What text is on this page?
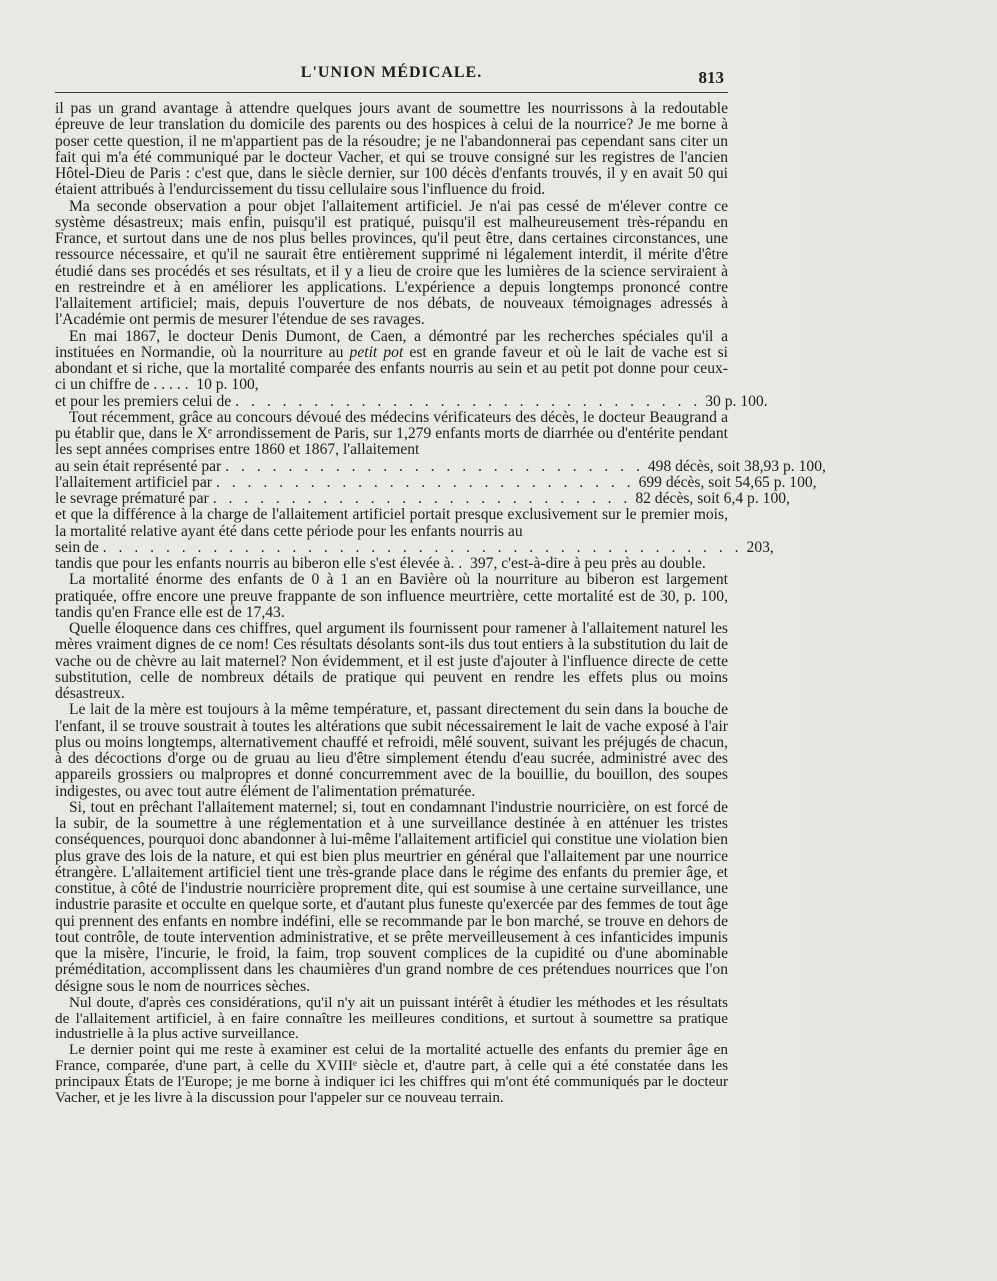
L'UNION MÉDICALE.	813

il pas un grand avantage à attendre quelques jours avant de soumettre les nourrissons à la redoutable épreuve de leur translation du domicile des parents ou des hospices à celui de la nourrice? Je me borne à poser cette question, il ne m'appartient pas de la résoudre; je ne l'abandonnerai pas cependant sans citer un fait qui m'a été communiqué par le docteur Vacher, et qui se trouve consigné sur les registres de l'ancien Hôtel-Dieu de Paris : c'est que, dans le siècle dernier, sur 100 décès d'enfants trouvés, il y en avait 50 qui étaient attribués à l'endurcissement du tissu cellulaire sous l'influence du froid.

Ma seconde observation a pour objet l'allaitement artificiel. Je n'ai pas cessé de m'élever contre ce système désastreux; mais enfin, puisqu'il est pratiqué, puisqu'il est malheureusement très-répandu en France, et surtout dans une de nos plus belles provinces, qu'il peut être, dans certaines circonstances, une ressource nécessaire, et qu'il ne saurait être entièrement supprimé ni légalement interdit, il mérite d'être étudié dans ses procédés et ses résultats, et il y a lieu de croire que les lumières de la science serviraient à en restreindre et à en améliorer les applications. L'expérience a depuis longtemps prononcé contre l'allaitement artificiel; mais, depuis l'ouverture de nos débats, de nouveaux témoignages adressés à l'Académie ont permis de mesurer l'étendue de ses ravages.

En mai 1867, le docteur Denis Dumont, de Caen, a démontré par les recherches spéciales qu'il a instituées en Normandie, où la nourriture au petit pot est en grande faveur et où le lait de vache est si abondant et si riche, que la mortalité comparée des enfants nourris au sein et au petit pot donne pour ceux-ci un chiffre de . . . . .  10 p. 100,

et pour les premiers celui de . . . . . . . . . . . . . . . . . . . . . . . . . . . . . . 30 p. 100.

Tout récemment, grâce au concours dévoué des médecins vérificateurs des décès, le docteur Beaugrand a pu établir que, dans le Xᵉ arrondissement de Paris, sur 1,279 enfants morts de diarrhée ou d'entérite pendant les sept années comprises entre 1860 et 1867, l'allaitement

au sein était représenté par . . . . . . . . . . . . . . . . . . . . . . . . . . . 498 décès, soit 38,93 p. 100,
l'allaitement artificiel par . . . . . . . . . . . . . . . . . . . . . . . . . . . 699 décès, soit 54,65 p. 100,
le sevrage prématuré par . . . . . . . . . . . . . . . . . . . . . . . . . . . 82 décès, soit 6,4 p. 100,

et que la différence à la charge de l'allaitement artificiel portait presque exclusivement sur le premier mois, la mortalité relative ayant été dans cette période pour les enfants nourris au

sein de . . . . . . . . . . . . . . . . . . . . . . . . . . . . . . . . . . . . . . . . . 203,

tandis que pour les enfants nourris au biberon elle s'est élevée à. .  397, c'est-à-dire à peu près au double.

La mortalité énorme des enfants de 0 à 1 an en Bavière où la nourriture au biberon est largement pratiquée, offre encore une preuve frappante de son influence meurtrière, cette mortalité est de 30, p. 100, tandis qu'en France elle est de 17,43.

Quelle éloquence dans ces chiffres, quel argument ils fournissent pour ramener à l'allaitement naturel les mères vraiment dignes de ce nom! Ces résultats désolants sont-ils dus tout entiers à la substitution du lait de vache ou de chèvre au lait maternel? Non évidemment, et il est juste d'ajouter à l'influence directe de cette substitution, celle de nombreux détails de pratique qui peuvent en rendre les effets plus ou moins désastreux.

Le lait de la mère est toujours à la même température, et, passant directement du sein dans la bouche de l'enfant, il se trouve soustrait à toutes les altérations que subit nécessairement le lait de vache exposé à l'air plus ou moins longtemps, alternativement chauffé et refroidi, mêlé souvent, suivant les préjugés de chacun, à des décoctions d'orge ou de gruau au lieu d'être simplement étendu d'eau sucrée, administré avec des appareils grossiers ou malpropres et donné concurremment avec de la bouillie, du bouillon, des soupes indigestes, ou avec tout autre élément de l'alimentation prématurée.

Si, tout en prêchant l'allaitement maternel; si, tout en condamnant l'industrie nourricière, on est forcé de la subir, de la soumettre à une réglementation et à une surveillance destinée à en atténuer les tristes conséquences, pourquoi donc abandonner à lui-même l'allaitement artificiel qui constitue une violation bien plus grave des lois de la nature, et qui est bien plus meurtrier en général que l'allaitement par une nourrice étrangère. L'allaitement artificiel tient une très-grande place dans le régime des enfants du premier âge, et constitue, à côté de l'industrie nourricière proprement dite, qui est soumise à une certaine surveillance, une industrie parasite et occulte en quelque sorte, et d'autant plus funeste qu'exercée par des femmes de tout âge qui prennent des enfants en nombre indéfini, elle se recommande par le bon marché, se trouve en dehors de tout contrôle, de toute intervention administrative, et se prête merveilleusement à ces infanticides impunis que la misère, l'incurie, le froid, la faim, trop souvent complices de la cupidité ou d'une abominable préméditation, accomplissent dans les chaumières d'un grand nombre de ces prétendues nourrices que l'on désigne sous le nom de nourrices sèches.

Nul doute, d'après ces considérations, qu'il n'y ait un puissant intérêt à étudier les méthodes et les résultats de l'allaitement artificiel, à en faire connaître les meilleures conditions, et surtout à soumettre sa pratique industrielle à la plus active surveillance.

Le dernier point qui me reste à examiner est celui de la mortalité actuelle des enfants du premier âge en France, comparée, d'une part, à celle du XVIIIᵉ siècle et, d'autre part, à celle qui a été constatée dans les principaux États de l'Europe; je me borne à indiquer ici les chiffres qui m'ont été communiqués par le docteur Vacher, et je les livre à la discussion pour l'appeler sur ce nouveau terrain.
